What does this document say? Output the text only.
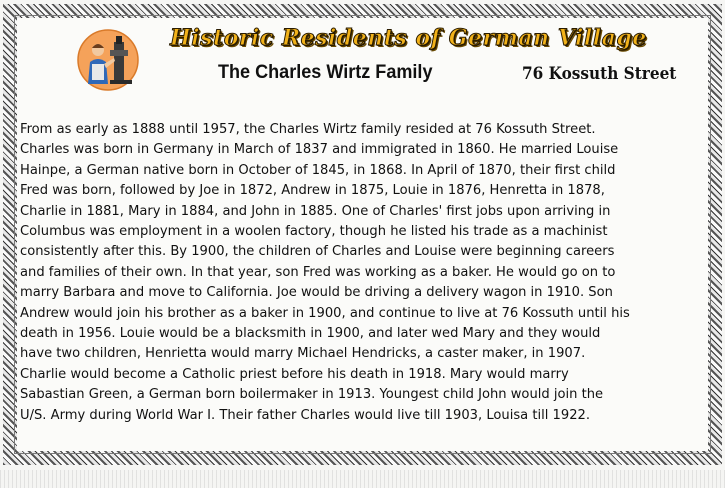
Historic Residents of German Village
The Charles Wirtz Family	76 Kossuth Street
From as early as 1888 until 1957, the Charles Wirtz family resided at 76 Kossuth Street.
Charles was born in Germany in March of 1837 and immigrated in 1860. He married Louise
Hainpe, a German native born in October of 1845, in 1868. In April of 1870, their first child
Fred was born, followed by Joe in 1872, Andrew in 1875, Louie in 1876, Henretta in 1878,
Charlie in 1881, Mary in 1884, and John in 1885. One of Charles' first jobs upon arriving in
Columbus was employment in a woolen factory, though he listed his trade as a machinist
consistently after this. By 1900, the children of Charles and Louise were beginning careers
and families of their own. In that year, son Fred was working as a baker. He would go on to
marry Barbara and move to California. Joe would be driving a delivery wagon in 1910. Son
Andrew would join his brother as a baker in 1900, and continue to live at 76 Kossuth until his
death in 1956. Louie would be a blacksmith in 1900, and later wed Mary and they would
have two children, Henrietta would marry Michael Hendricks, a caster maker, in 1907.
Charlie would become a Catholic priest before his death in 1918. Mary would marry
Sabastian Green, a German born boilermaker in 1913. Youngest child John would join the
U/S. Army during World War I. Their father Charles would live till 1903, Louisa till 1922.
